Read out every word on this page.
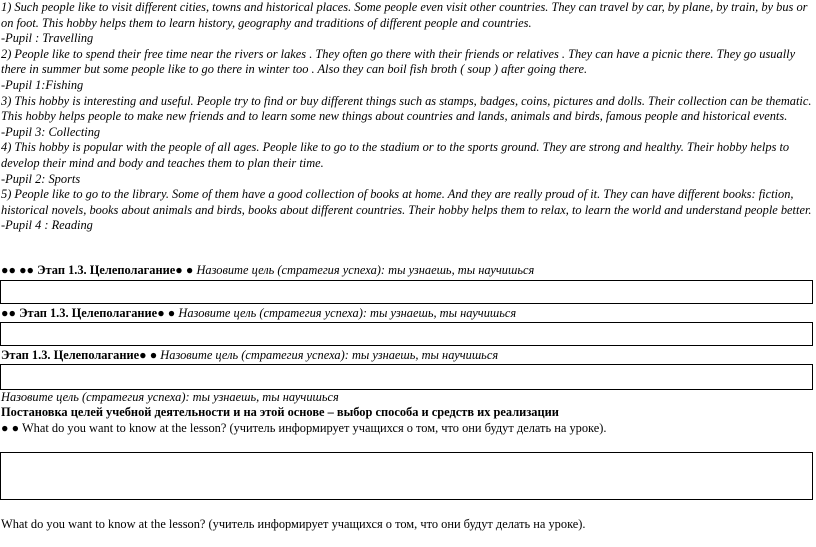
1) Such people like to visit different cities, towns and historical places. Some people even visit other countries. They can travel by car, by plane, by train, by bus or on foot. This hobby helps them to learn history, geography and traditions of different people and countries.

-Pupil : Travelling

2) People like to spend their free time near the rivers or lakes . They often go there with their friends or relatives . They can have a picnic there. They go usually there in summer but some people like to go there in winter too . Also they can boil fish broth ( soup ) after going there.

-Pupil 1:Fishing

3) This hobby is interesting and useful. People try to find or buy different things such as stamps, badges, coins, pictures and dolls. Their collection can be thematic. This hobby helps people to make new friends and to learn some new things about countries and lands, animals and birds, famous people and historical events.

-Pupil 3: Collecting

4) This hobby is popular with the people of all ages. People like to go to the stadium or to the sports ground. They are strong and healthy. Their hobby helps to develop their mind and body and teaches them to plan their time.

-Pupil 2: Sports

5) People like to go to the library. Some of them have a good collection of books at home. And they are really proud of it. They can have different books: fiction, historical novels, books about animals and birds, books about different countries. Their hobby helps them to relax, to learn the world and understand people better.

-Pupil 4 : Reading

●● ●● Этап 1.3. Целеполагание● ● Назовите цель (стратегия успеха): ты узнаешь, ты научишься
●● Этап 1.3. Целеполагание● ● Назовите цель (стратегия успеха): ты узнаешь, ты научишься
Этап 1.3. Целеполагание● ● Назовите цель (стратегия успеха): ты узнаешь, ты научишься
Назовите цель (стратегия успеха): ты узнаешь, ты научишься
Постановка целей учебной деятельности и на этой основе – выбор способа и средств их реализации
● ● What do you want to know at the lesson? (учитель информирует учащихся о том, что они будут делать на уроке).
What do you want to know at the lesson? (учитель информирует учащихся о том, что они будут делать на уроке).
